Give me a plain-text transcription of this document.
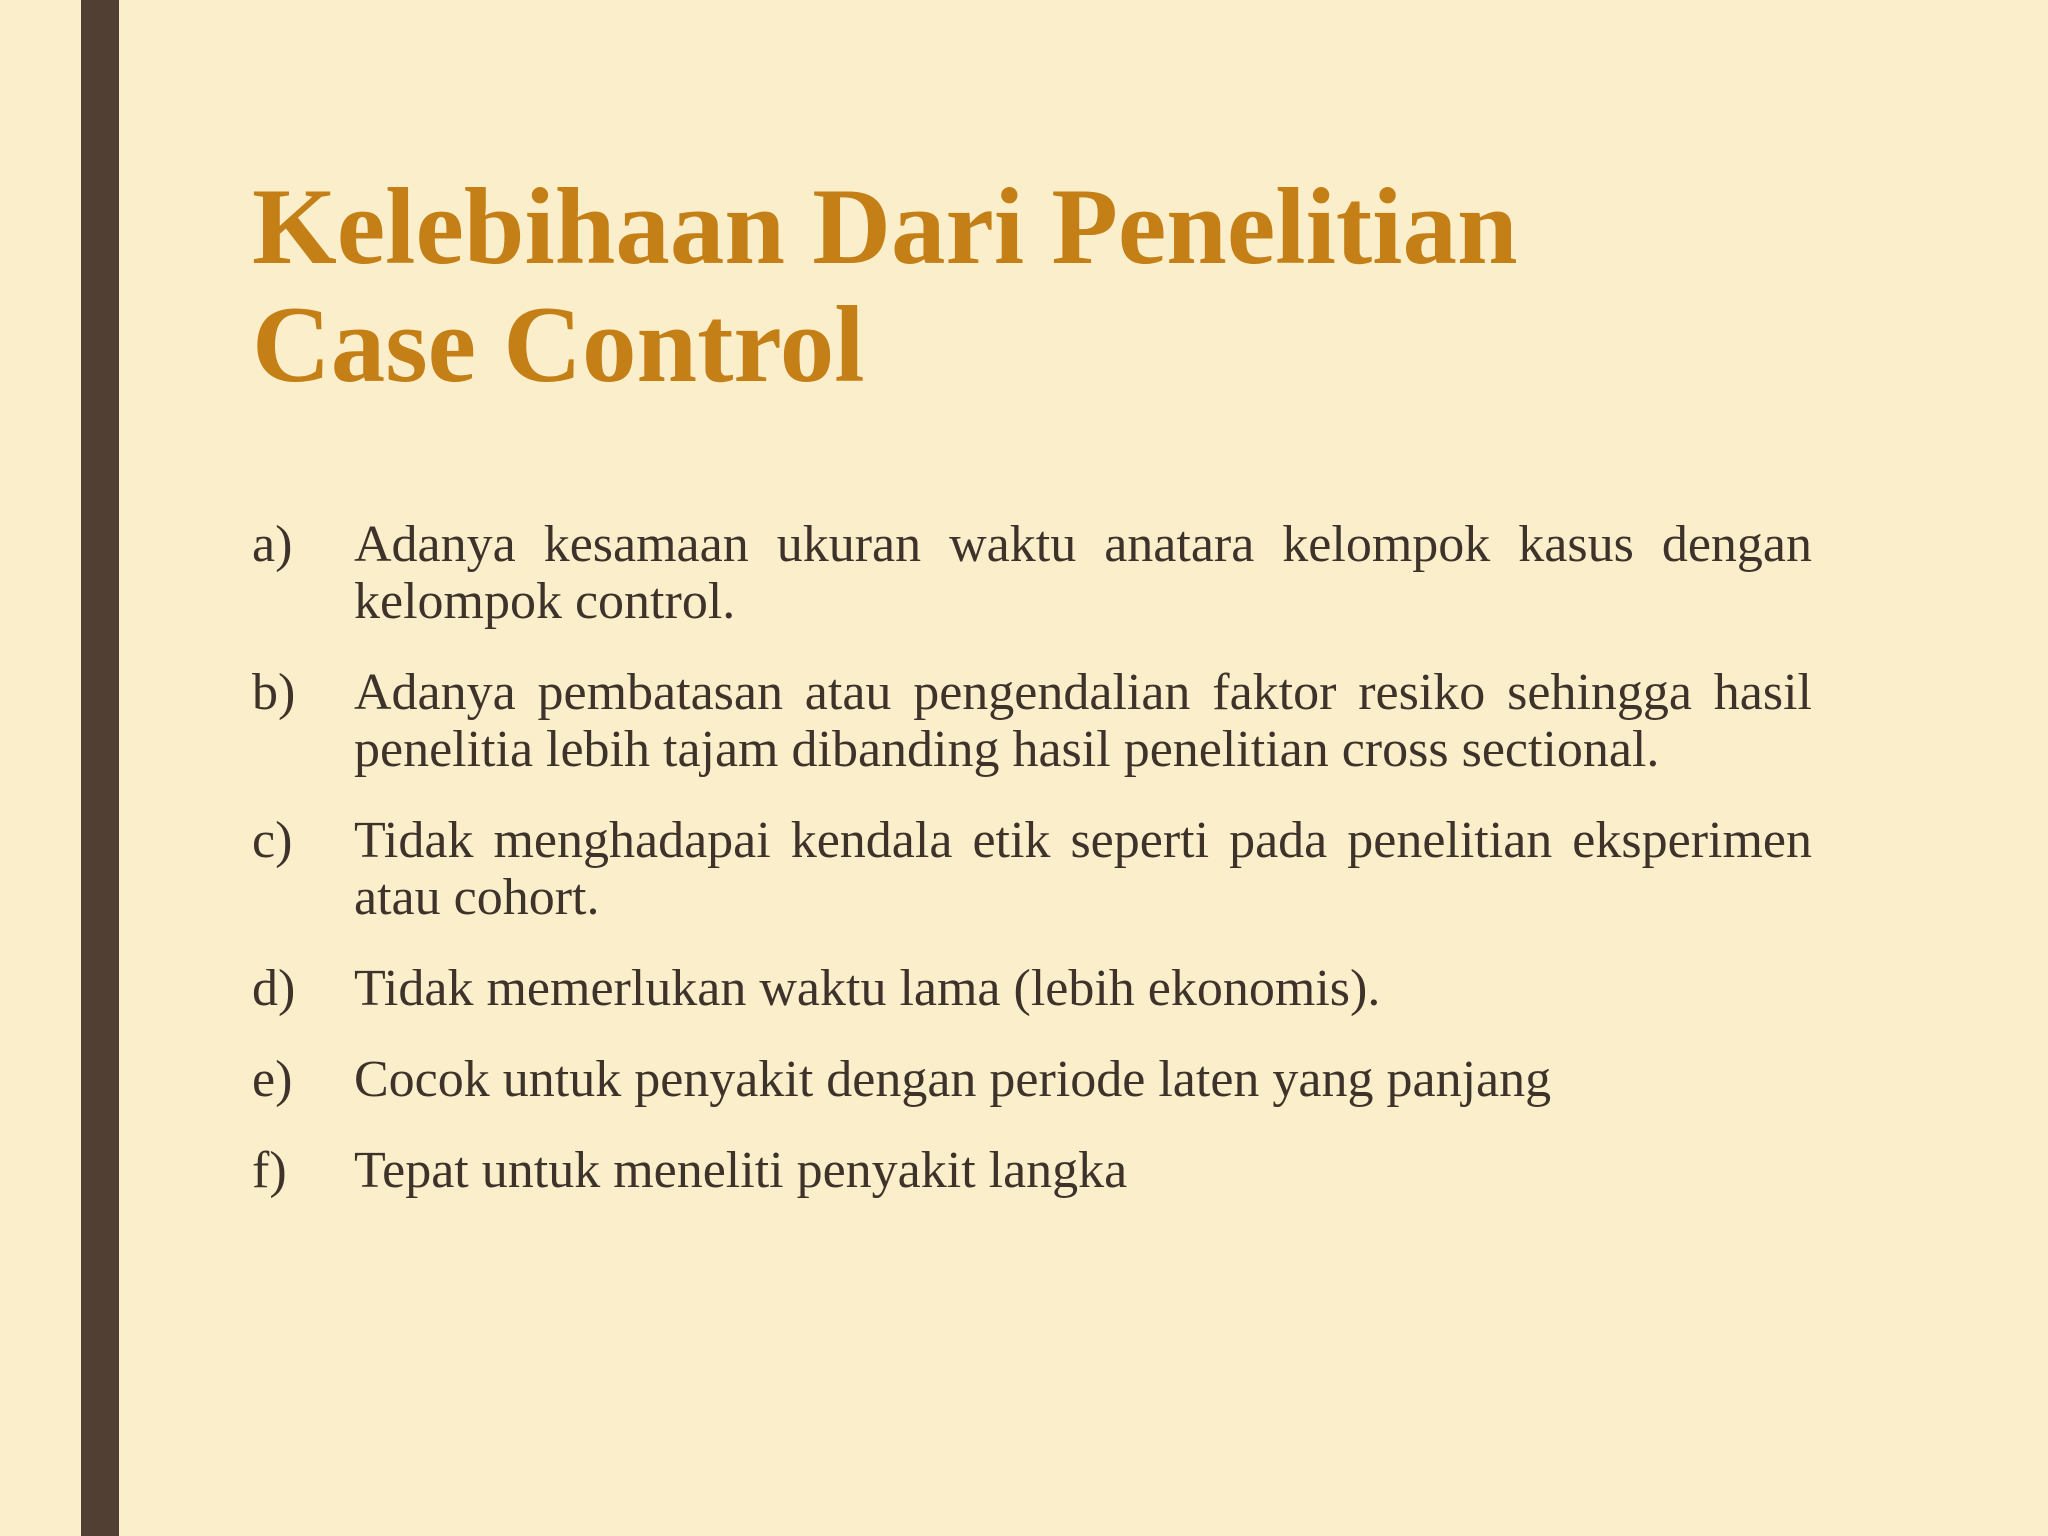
Kelebihaan Dari Penelitian
Case Control
a)	Adanya kesamaan ukuran waktu anatara kelompok kasus dengan kelompok control.
b)	Adanya pembatasan atau pengendalian faktor resiko sehingga hasil penelitia lebih tajam dibanding hasil penelitian cross sectional.
c)	Tidak menghadapai kendala etik seperti pada penelitian eksperimen atau cohort.
d)	Tidak memerlukan waktu lama (lebih ekonomis).
e)	Cocok untuk penyakit dengan periode laten yang panjang
f)	Tepat untuk meneliti penyakit langka
